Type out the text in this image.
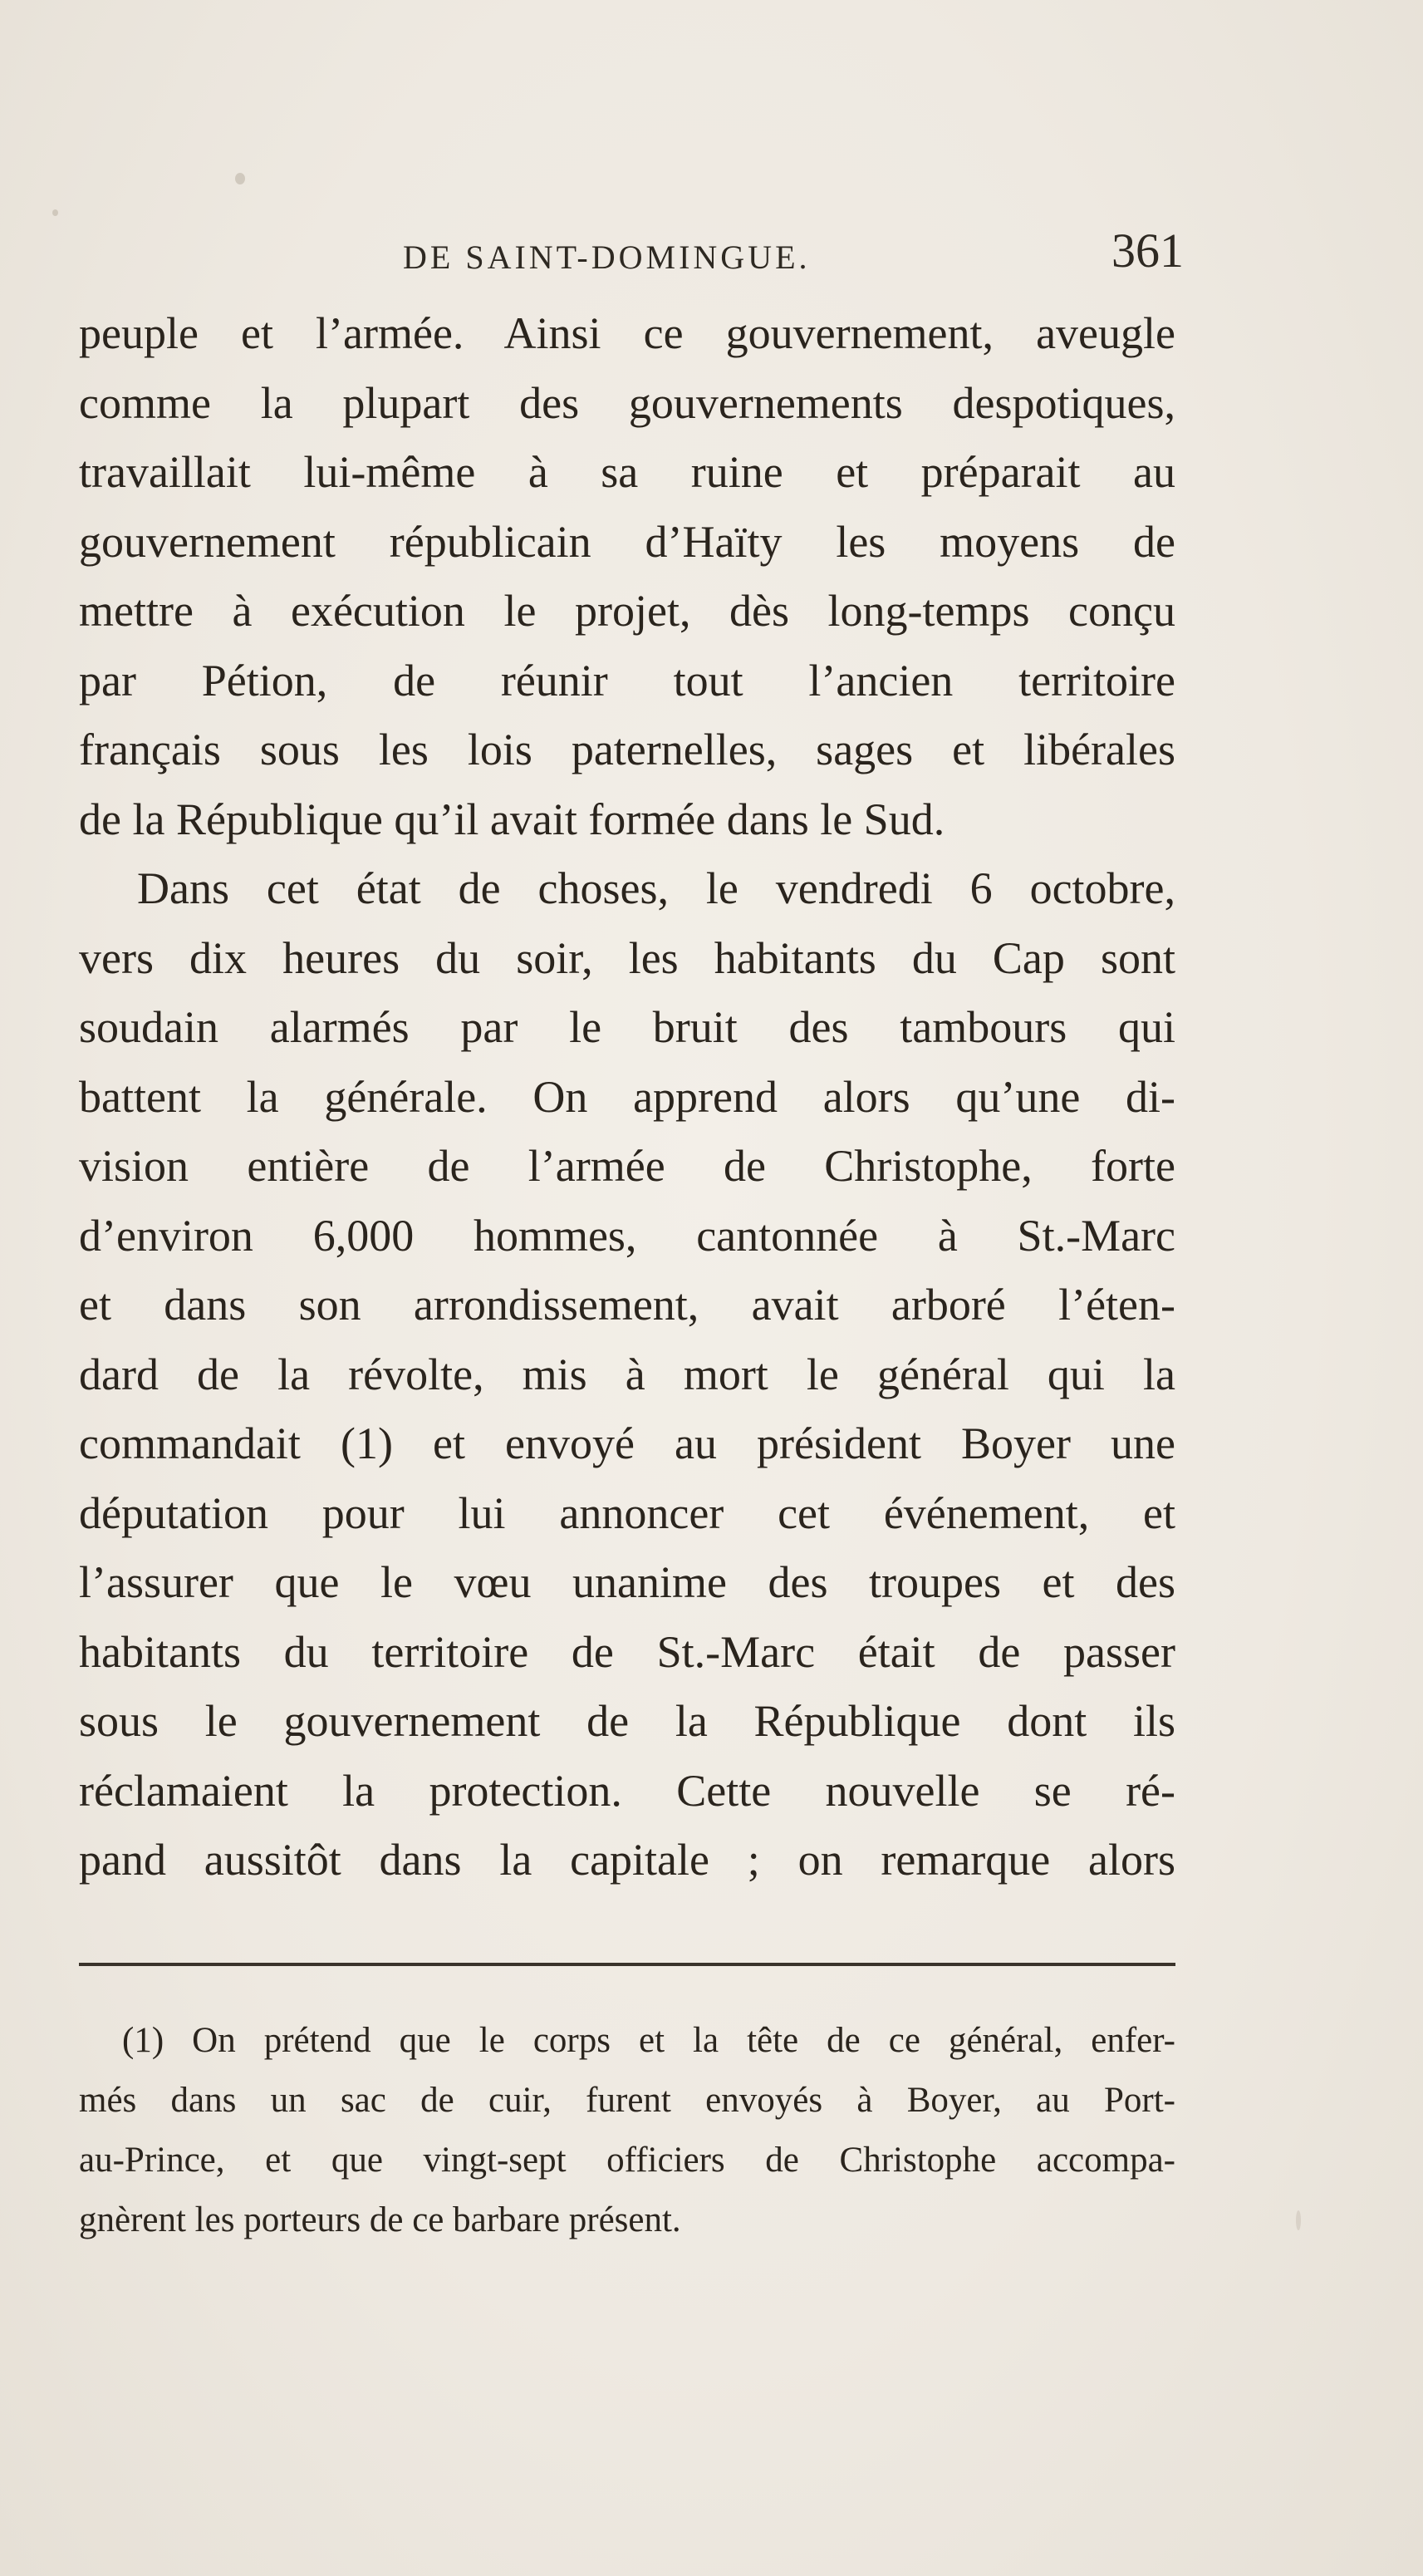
DE SAINT-DOMINGUE.	361
peuple et l’armée. Ainsi ce gouvernement, aveugle
comme la plupart des gouvernements despotiques,
travaillait lui-même à sa ruine et préparait au
gouvernement républicain d’Haïty les moyens de
mettre à exécution le projet, dès long-temps conçu
par Pétion, de réunir tout l’ancien territoire
français sous les lois paternelles, sages et libérales
de la République qu’il avait formée dans le Sud.
Dans cet état de choses, le vendredi 6 octobre,
vers dix heures du soir, les habitants du Cap sont
soudain alarmés par le bruit des tambours qui
battent la générale. On apprend alors qu’une di-
vision entière de l’armée de Christophe, forte
d’environ 6,000 hommes, cantonnée à St.-Marc
et dans son arrondissement, avait arboré l’éten-
dard de la révolte, mis à mort le général qui la
commandait (1) et envoyé au président Boyer une
députation pour lui annoncer cet événement, et
l’assurer que le vœu unanime des troupes et des
habitants du territoire de St.-Marc était de passer
sous le gouvernement de la République dont ils
réclamaient la protection. Cette nouvelle se ré-
pand aussitôt dans la capitale ; on remarque alors
(1) On prétend que le corps et la tête de ce général, enfer-
més dans un sac de cuir, furent envoyés à Boyer, au Port-
au-Prince, et que vingt-sept officiers de Christophe accompa-
gnèrent les porteurs de ce barbare présent.
